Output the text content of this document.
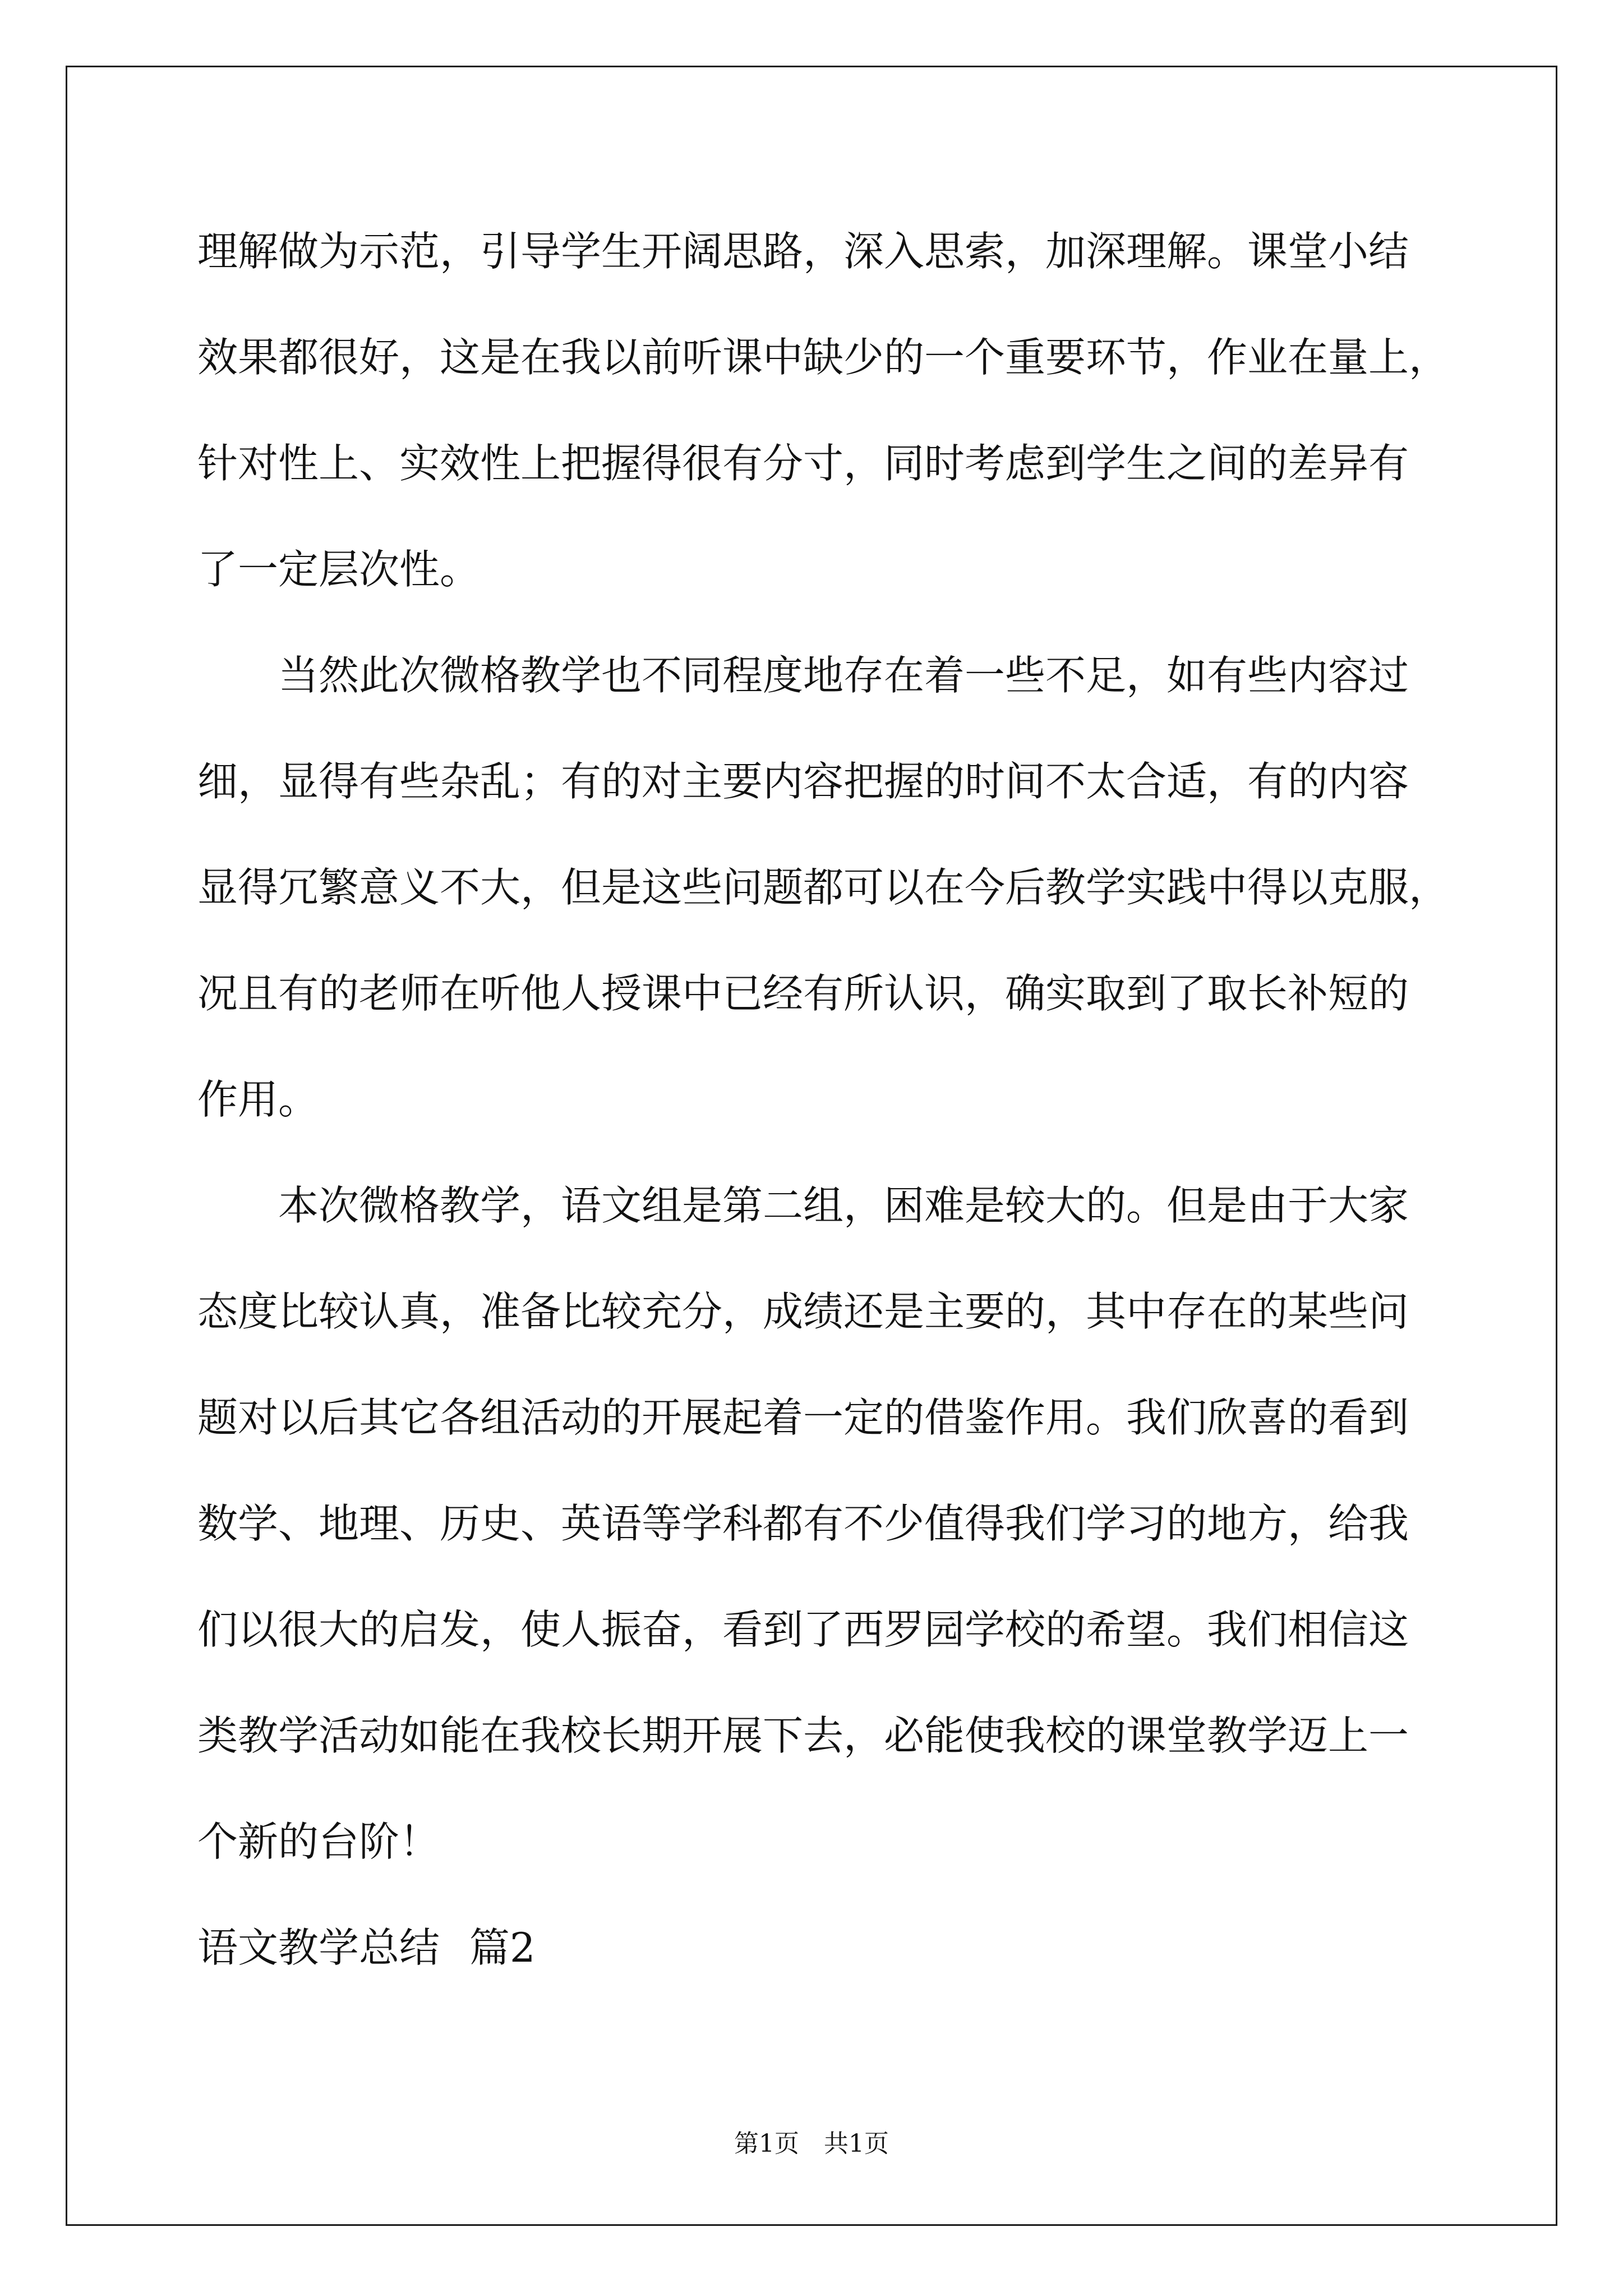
理解做为示范，引导学生开阔思路，深入思索，加深理解。课堂小结
效果都很好，这是在我以前听课中缺少的一个重要环节，作业在量上，
针对性上、实效性上把握得很有分寸，同时考虑到学生之间的差异有
了一定层次性。
当然此次微格教学也不同程度地存在着一些不足，如有些内容过
细，显得有些杂乱；有的对主要内容把握的时间不太合适，有的内容
显得冗繁意义不大，但是这些问题都可以在今后教学实践中得以克服，
况且有的老师在听他人授课中已经有所认识，确实取到了取长补短的
作用。
本次微格教学，语文组是第二组，困难是较大的。但是由于大家
态度比较认真，准备比较充分，成绩还是主要的，其中存在的某些问
题对以后其它各组活动的开展起着一定的借鉴作用。我们欣喜的看到
数学、地理、历史、英语等学科都有不少值得我们学习的地方，给我
们以很大的启发，使人振奋，看到了西罗园学校的希望。我们相信这
类教学活动如能在我校长期开展下去，必能使我校的课堂教学迈上一
个新的台阶！
语文教学总结 篇2
第1页 共1页
